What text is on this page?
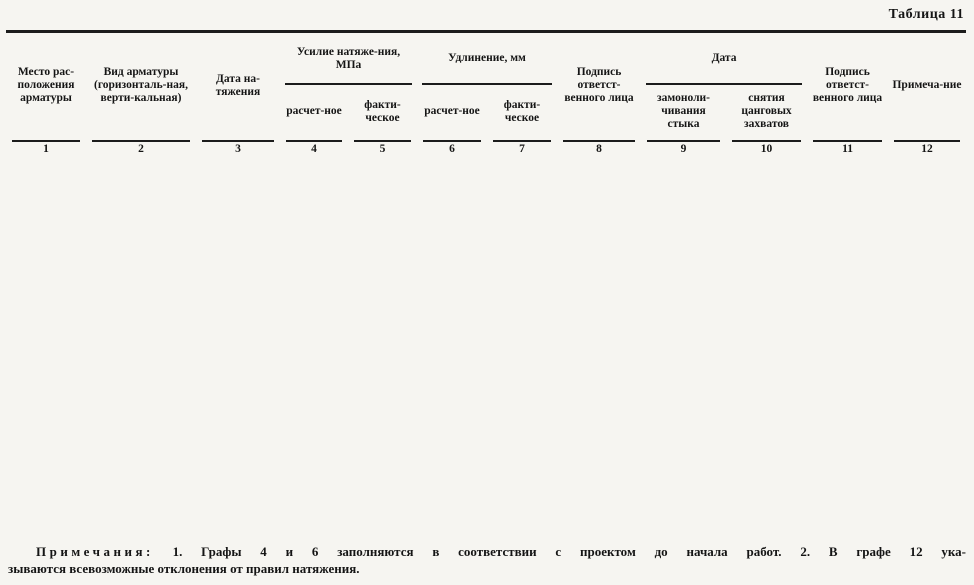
Таблица 11
Место рас-положения арматуры	Вид арматуры (горизонталь-ная, верти-кальная)	Дата на-тяжения	Усилие натяже-ния, МПа		Удлинение, мм		Подпись ответст-венного лица	Дата		Подпись ответст-венного лица	Примеча-ние
			расчет-ное	факти-ческое	расчет-ное	факти-ческое		замоноли-чивания стыка	снятия цанговых захватов		
1	2	3	4	5	6	7	8	9	10	11	12

Примечания: 1. Графы 4 и 6 заполняются в соответствии с проектом до начала работ. 2. В графе 12 ука-
зываются всевозможные отклонения от правил натяжения.
